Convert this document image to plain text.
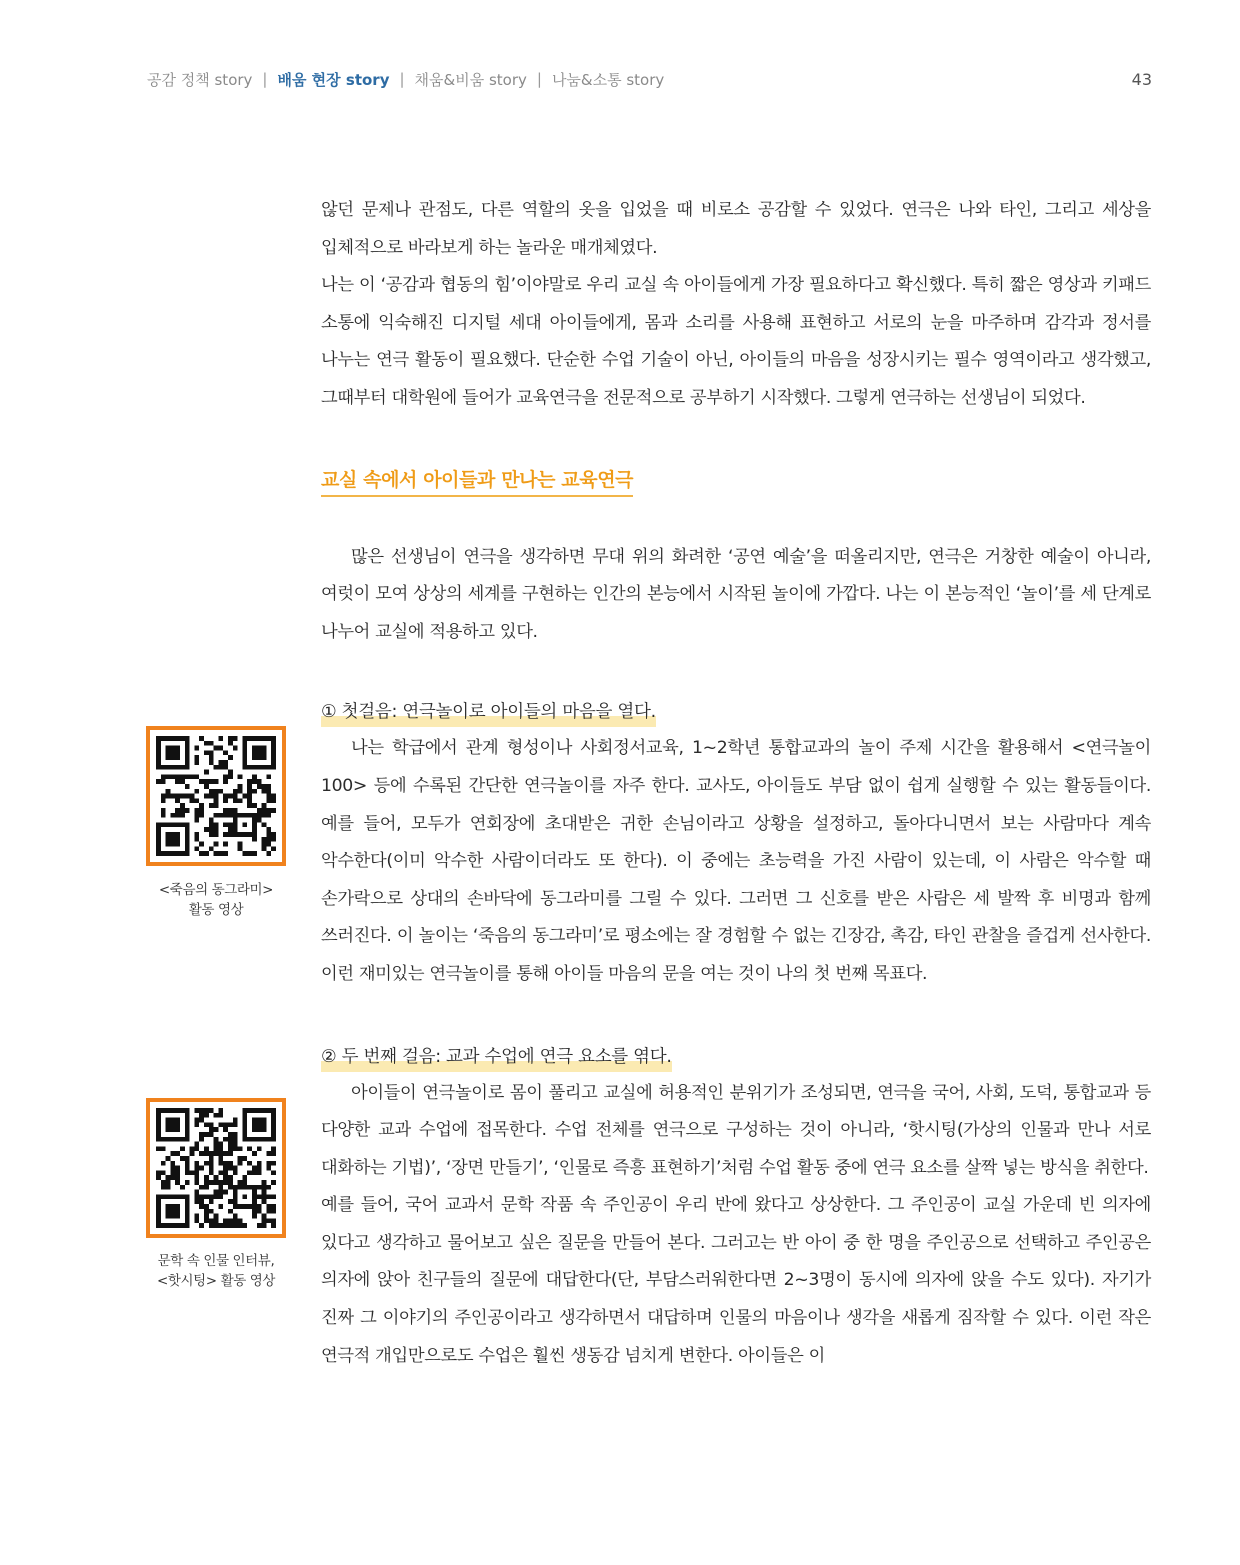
공감 정책 story | 배움 현장 story | 채움&비움 story | 나눔&소통 story	43
<죽음의 동그라미>
활동 영상
문학 속 인물 인터뷰,
<핫시팅> 활동 영상

않던 문제나 관점도, 다른 역할의 옷을 입었을 때 비로소 공감할 수 있었다. 연극은 나와 타인, 그리고 세상을 입체적으로 바라보게 하는 놀라운 매개체였다.

나는 이 ‘공감과 협동의 힘’이야말로 우리 교실 속 아이들에게 가장 필요하다고 확신했다. 특히 짧은 영상과 키패드 소통에 익숙해진 디지털 세대 아이들에게, 몸과 소리를 사용해 표현하고 서로의 눈을 마주하며 감각과 정서를 나누는 연극 활동이 필요했다. 단순한 수업 기술이 아닌, 아이들의 마음을 성장시키는 필수 영역이라고 생각했고, 그때부터 대학원에 들어가 교육연극을 전문적으로 공부하기 시작했다. 그렇게 연극하는 선생님이 되었다.

교실 속에서 아이들과 만나는 교육연극

많은 선생님이 연극을 생각하면 무대 위의 화려한 ‘공연 예술’을 떠올리지만, 연극은 거창한 예술이 아니라, 여럿이 모여 상상의 세계를 구현하는 인간의 본능에서 시작된 놀이에 가깝다. 나는 이 본능적인 ‘놀이’를 세 단계로 나누어 교실에 적용하고 있다.

① 첫걸음: 연극놀이로 아이들의 마음을 열다.

나는 학급에서 관계 형성이나 사회정서교육, 1~2학년 통합교과의 놀이 주제 시간을 활용해서 <연극놀이 100> 등에 수록된 간단한 연극놀이를 자주 한다. 교사도, 아이들도 부담 없이 쉽게 실행할 수 있는 활동들이다. 예를 들어, 모두가 연회장에 초대받은 귀한 손님이라고 상황을 설정하고, 돌아다니면서 보는 사람마다 계속 악수한다(이미 악수한 사람이더라도 또 한다). 이 중에는 초능력을 가진 사람이 있는데, 이 사람은 악수할 때 손가락으로 상대의 손바닥에 동그라미를 그릴 수 있다. 그러면 그 신호를 받은 사람은 세 발짝 후 비명과 함께 쓰러진다. 이 놀이는 ‘죽음의 동그라미’로 평소에는 잘 경험할 수 없는 긴장감, 촉감, 타인 관찰을 즐겁게 선사한다. 이런 재미있는 연극놀이를 통해 아이들 마음의 문을 여는 것이 나의 첫 번째 목표다.

② 두 번째 걸음: 교과 수업에 연극 요소를 엮다.

아이들이 연극놀이로 몸이 풀리고 교실에 허용적인 분위기가 조성되면, 연극을 국어, 사회, 도덕, 통합교과 등 다양한 교과 수업에 접목한다. 수업 전체를 연극으로 구성하는 것이 아니라, ‘핫시팅(가상의 인물과 만나 서로 대화하는 기법)’, ‘장면 만들기’, ‘인물로 즉흥 표현하기’처럼 수업 활동 중에 연극 요소를 살짝 넣는 방식을 취한다.

예를 들어, 국어 교과서 문학 작품 속 주인공이 우리 반에 왔다고 상상한다. 그 주인공이 교실 가운데 빈 의자에 있다고 생각하고 물어보고 싶은 질문을 만들어 본다. 그러고는 반 아이 중 한 명을 주인공으로 선택하고 주인공은 의자에 앉아 친구들의 질문에 대답한다(단, 부담스러워한다면 2~3명이 동시에 의자에 앉을 수도 있다). 자기가 진짜 그 이야기의 주인공이라고 생각하면서 대답하며 인물의 마음이나 생각을 새롭게 짐작할 수 있다. 이런 작은 연극적 개입만으로도 수업은 훨씬 생동감 넘치게 변한다. 아이들은 이
